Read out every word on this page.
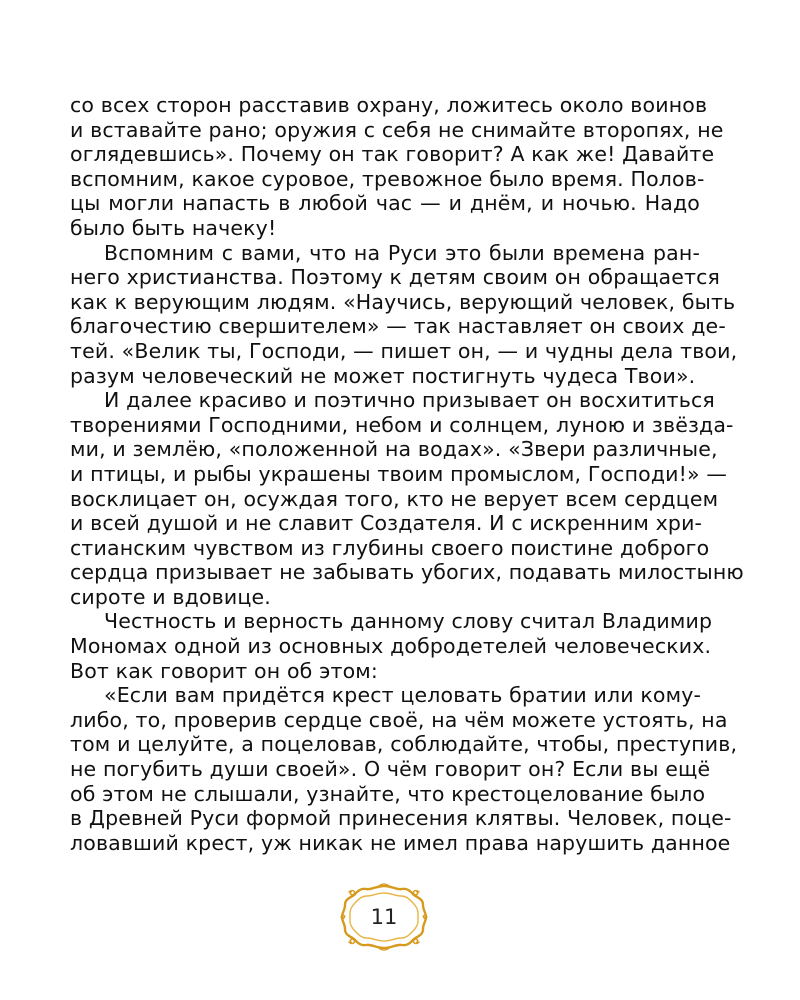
со всех сторон расставив охрану, ложитесь около воинов
и вставайте рано; оружия с себя не снимайте второпях, не
оглядевшись». Почему он так говорит? А как же! Давайте
вспомним, какое суровое, тревожное было время. Полов-
цы могли напасть в любой час — и днём, и ночью. Надо
было быть начеку!
Вспомним с вами, что на Руси это были времена ран-
него христианства. Поэтому к детям своим он обращается
как к верующим людям. «Научись, верующий человек, быть
благочестию свершителем» — так наставляет он своих де-
тей. «Велик ты, Господи, — пишет он, — и чудны дела твои,
разум человеческий не может постигнуть чудеса Твои».
И далее красиво и поэтично призывает он восхититься
творениями Господними, небом и солнцем, луною и звёзда-
ми, и землёю, «положенной на водах». «Звери различные,
и птицы, и рыбы украшены твоим промыслом, Господи!» —
восклицает он, осуждая того, кто не верует всем сердцем
и всей душой и не славит Создателя. И с искренним хри-
стианским чувством из глубины своего поистине доброго
сердца призывает не забывать убогих, подавать милостыню
сироте и вдовице.
Честность и верность данному слову считал Владимир
Мономах одной из основных добродетелей человеческих.
Вот как говорит он об этом:
«Если вам придётся крест целовать братии или кому-
либо, то, проверив сердце своё, на чём можете устоять, на
том и целуйте, а поцеловав, соблюдайте, чтобы, преступив,
не погубить души своей». О чём говорит он? Если вы ещё
об этом не слышали, узнайте, что крестоцелование было
в Древней Руси формой принесения клятвы. Человек, поце-
ловавший крест, уж никак не имел права нарушить данное
11
